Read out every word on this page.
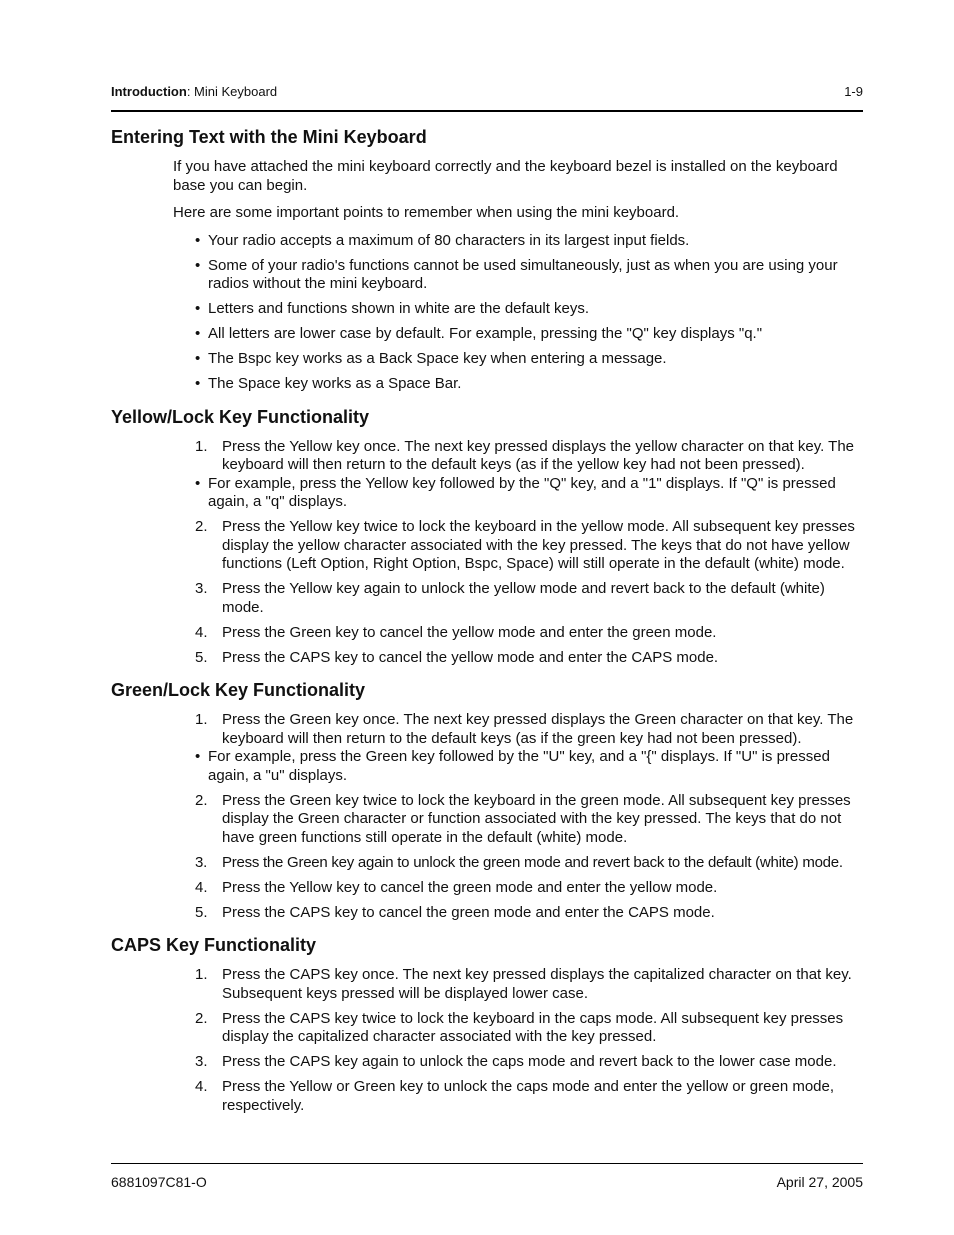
Introduction: Mini Keyboard	1-9
Entering Text with the Mini Keyboard

If you have attached the mini keyboard correctly and the keyboard bezel is installed on the keyboard base you can begin.

Here are some important points to remember when using the mini keyboard.

• Your radio accepts a maximum of 80 characters in its largest input fields.
• Some of your radio's functions cannot be used simultaneously, just as when you are using your radios without the mini keyboard.
• Letters and functions shown in white are the default keys.
• All letters are lower case by default. For example, pressing the "Q" key displays "q."
• The Bspc key works as a Back Space key when entering a message.
• The Space key works as a Space Bar.
Yellow/Lock Key Functionality
1. Press the Yellow key once. The next key pressed displays the yellow character on that key. The keyboard will then return to the default keys (as if the yellow key had not been pressed).
• For example, press the Yellow key followed by the "Q" key, and a "1" displays. If "Q" is pressed again, a "q" displays.
2. Press the Yellow key twice to lock the keyboard in the yellow mode. All subsequent key presses display the yellow character associated with the key pressed. The keys that do not have yellow functions (Left Option, Right Option, Bspc, Space) will still operate in the default (white) mode.
3. Press the Yellow key again to unlock the yellow mode and revert back to the default (white) mode.
4. Press the Green key to cancel the yellow mode and enter the green mode.
5. Press the CAPS key to cancel the yellow mode and enter the CAPS mode.
Green/Lock Key Functionality
1. Press the Green key once. The next key pressed displays the Green character on that key. The keyboard will then return to the default keys (as if the green key had not been pressed).
• For example, press the Green key followed by the "U" key, and a "{" displays. If "U" is pressed again, a "u" displays.
2. Press the Green key twice to lock the keyboard in the green mode. All subsequent key presses display the Green character or function associated with the key pressed. The keys that do not have green functions still operate in the default (white) mode.
3. Press the Green key again to unlock the green mode and revert back to the default (white) mode.
4. Press the Yellow key to cancel the green mode and enter the yellow mode.
5. Press the CAPS key to cancel the green mode and enter the CAPS mode.
CAPS Key Functionality
1. Press the CAPS key once. The next key pressed displays the capitalized character on that key. Subsequent keys pressed will be displayed lower case.
2. Press the CAPS key twice to lock the keyboard in the caps mode. All subsequent key presses display the capitalized character associated with the key pressed.
3. Press the CAPS key again to unlock the caps mode and revert back to the lower case mode.
4. Press the Yellow or Green key to unlock the caps mode and enter the yellow or green mode, respectively.
6881097C81-O	April 27, 2005
